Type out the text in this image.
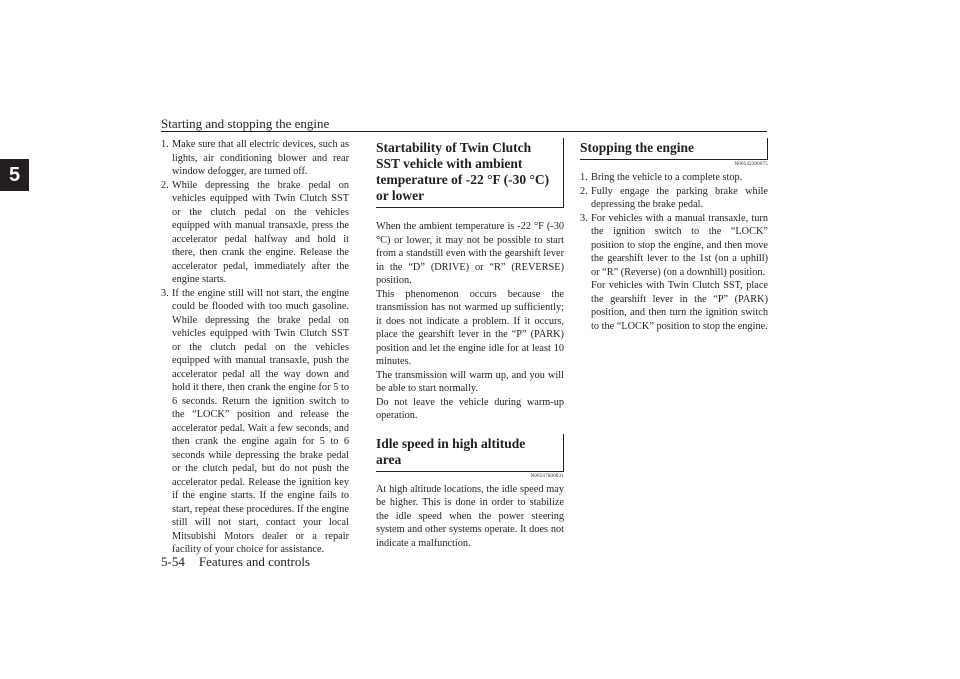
Starting and stopping the engine
5
1. Make sure that all electric devices, such as lights, air conditioning blower and rear window defogger, are turned off.
2. While depressing the brake pedal on vehicles equipped with Twin Clutch SST or the clutch pedal on the vehicles equipped with manual transaxle, press the accelerator pedal halfway and hold it there, then crank the engine. Release the accelerator pedal, immediately after the engine starts.
3. If the engine still will not start, the engine could be flooded with too much gasoline. While depressing the brake pedal on vehicles equipped with Twin Clutch SST or the clutch pedal on the vehicles equipped with manual transaxle, push the accelerator pedal all the way down and hold it there, then crank the engine for 5 to 6 seconds. Return the ignition switch to the “LOCK” position and release the accelerator pedal. Wait a few seconds, and then crank the engine again for 5 to 6 seconds while depressing the brake pedal or the clutch pedal, but do not push the accelerator pedal. Release the ignition key if the engine starts. If the engine fails to start, repeat these procedures. If the engine still will not start, contact your local Mitsubishi Motors dealer or a repair facility of your choice for assistance.
Startability of Twin Clutch SST vehicle with ambient temperature of -22 °F (-30 °C) or lower

When the ambient temperature is -22 °F (-30 °C) or lower, it may not be possible to start from a standstill even with the gearshift lever in the “D” (DRIVE) or “R” (REVERSE) position.

This phenomenon occurs because the transmission has not warmed up sufficiently; it does not indicate a problem. If it occurs, place the gearshift lever in the “P” (PARK) position and let the engine idle for at least 10 minutes.

The transmission will warm up, and you will be able to start normally.

Do not leave the vehicle during warm-up operation.

Idle speed in high altitude area
N00547600031

At high altitude locations, the idle speed may be higher. This is done in order to stabilize the idle speed when the power steering system and other systems operate. It does not indicate a malfunction.

Stopping the engine
N00542300075
1. Bring the vehicle to a complete stop.
2. Fully engage the parking brake while depressing the brake pedal.
3. For vehicles with a manual transaxle, turn the ignition switch to the “LOCK” position to stop the engine, and then move the gearshift lever to the 1st (on a uphill) or “R” (Reverse) (on a downhill) position.
For vehicles with Twin Clutch SST, place the gearshift lever in the “P” (PARK) position, and then turn the ignition switch to the “LOCK” position to stop the engine.
5-54 Features and controls
